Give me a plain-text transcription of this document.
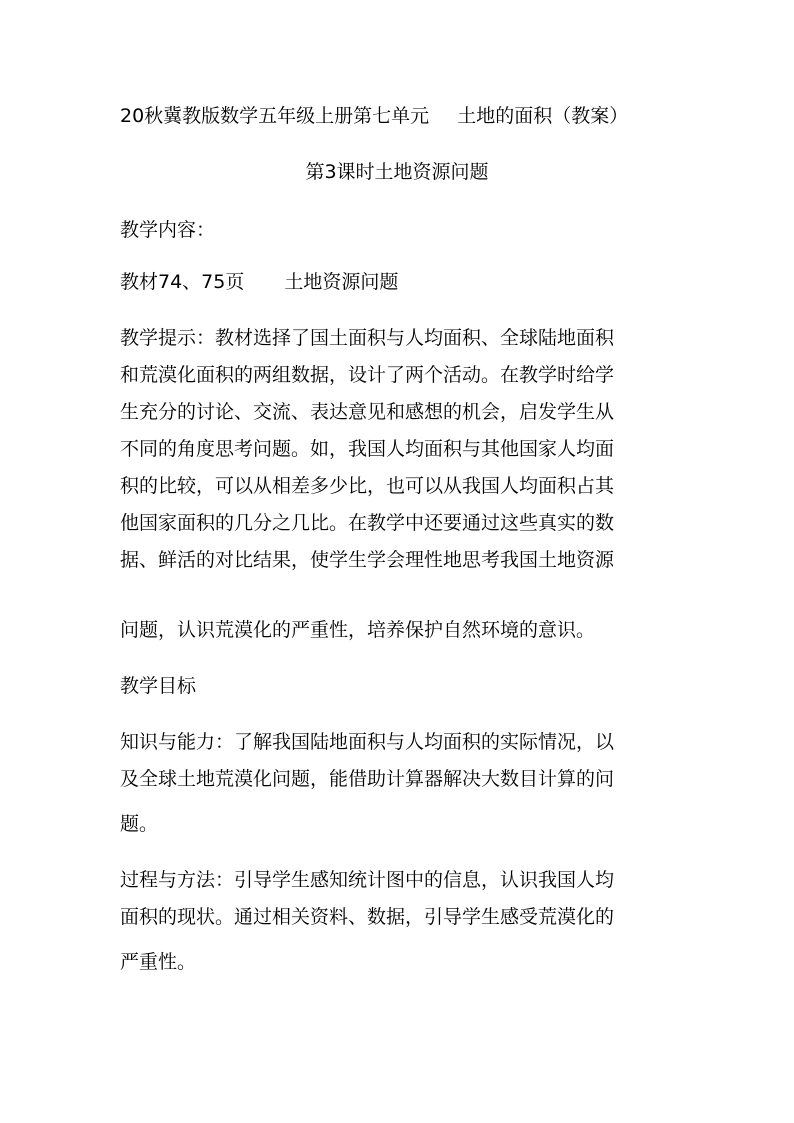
20秋冀教版数学五年级上册第七单元 土地的面积（教案）
第3课时土地资源问题
教学内容：
教材74、75页 土地资源问题
教学提示：教材选择了国土面积与人均面积、全球陆地面积
和荒漠化面积的两组数据，设计了两个活动。在教学时给学
生充分的讨论、交流、表达意见和感想的机会，启发学生从
不同的角度思考问题。如，我国人均面积与其他国家人均面
积的比较，可以从相差多少比，也可以从我国人均面积占其
他国家面积的几分之几比。在教学中还要通过这些真实的数
据、鲜活的对比结果，使学生学会理性地思考我国土地资源
问题，认识荒漠化的严重性，培养保护自然环境的意识。
教学目标
知识与能力：了解我国陆地面积与人均面积的实际情况，以
及全球土地荒漠化问题，能借助计算器解决大数目计算的问
题。
过程与方法：引导学生感知统计图中的信息，认识我国人均
面积的现状。通过相关资料、数据，引导学生感受荒漠化的
严重性。
